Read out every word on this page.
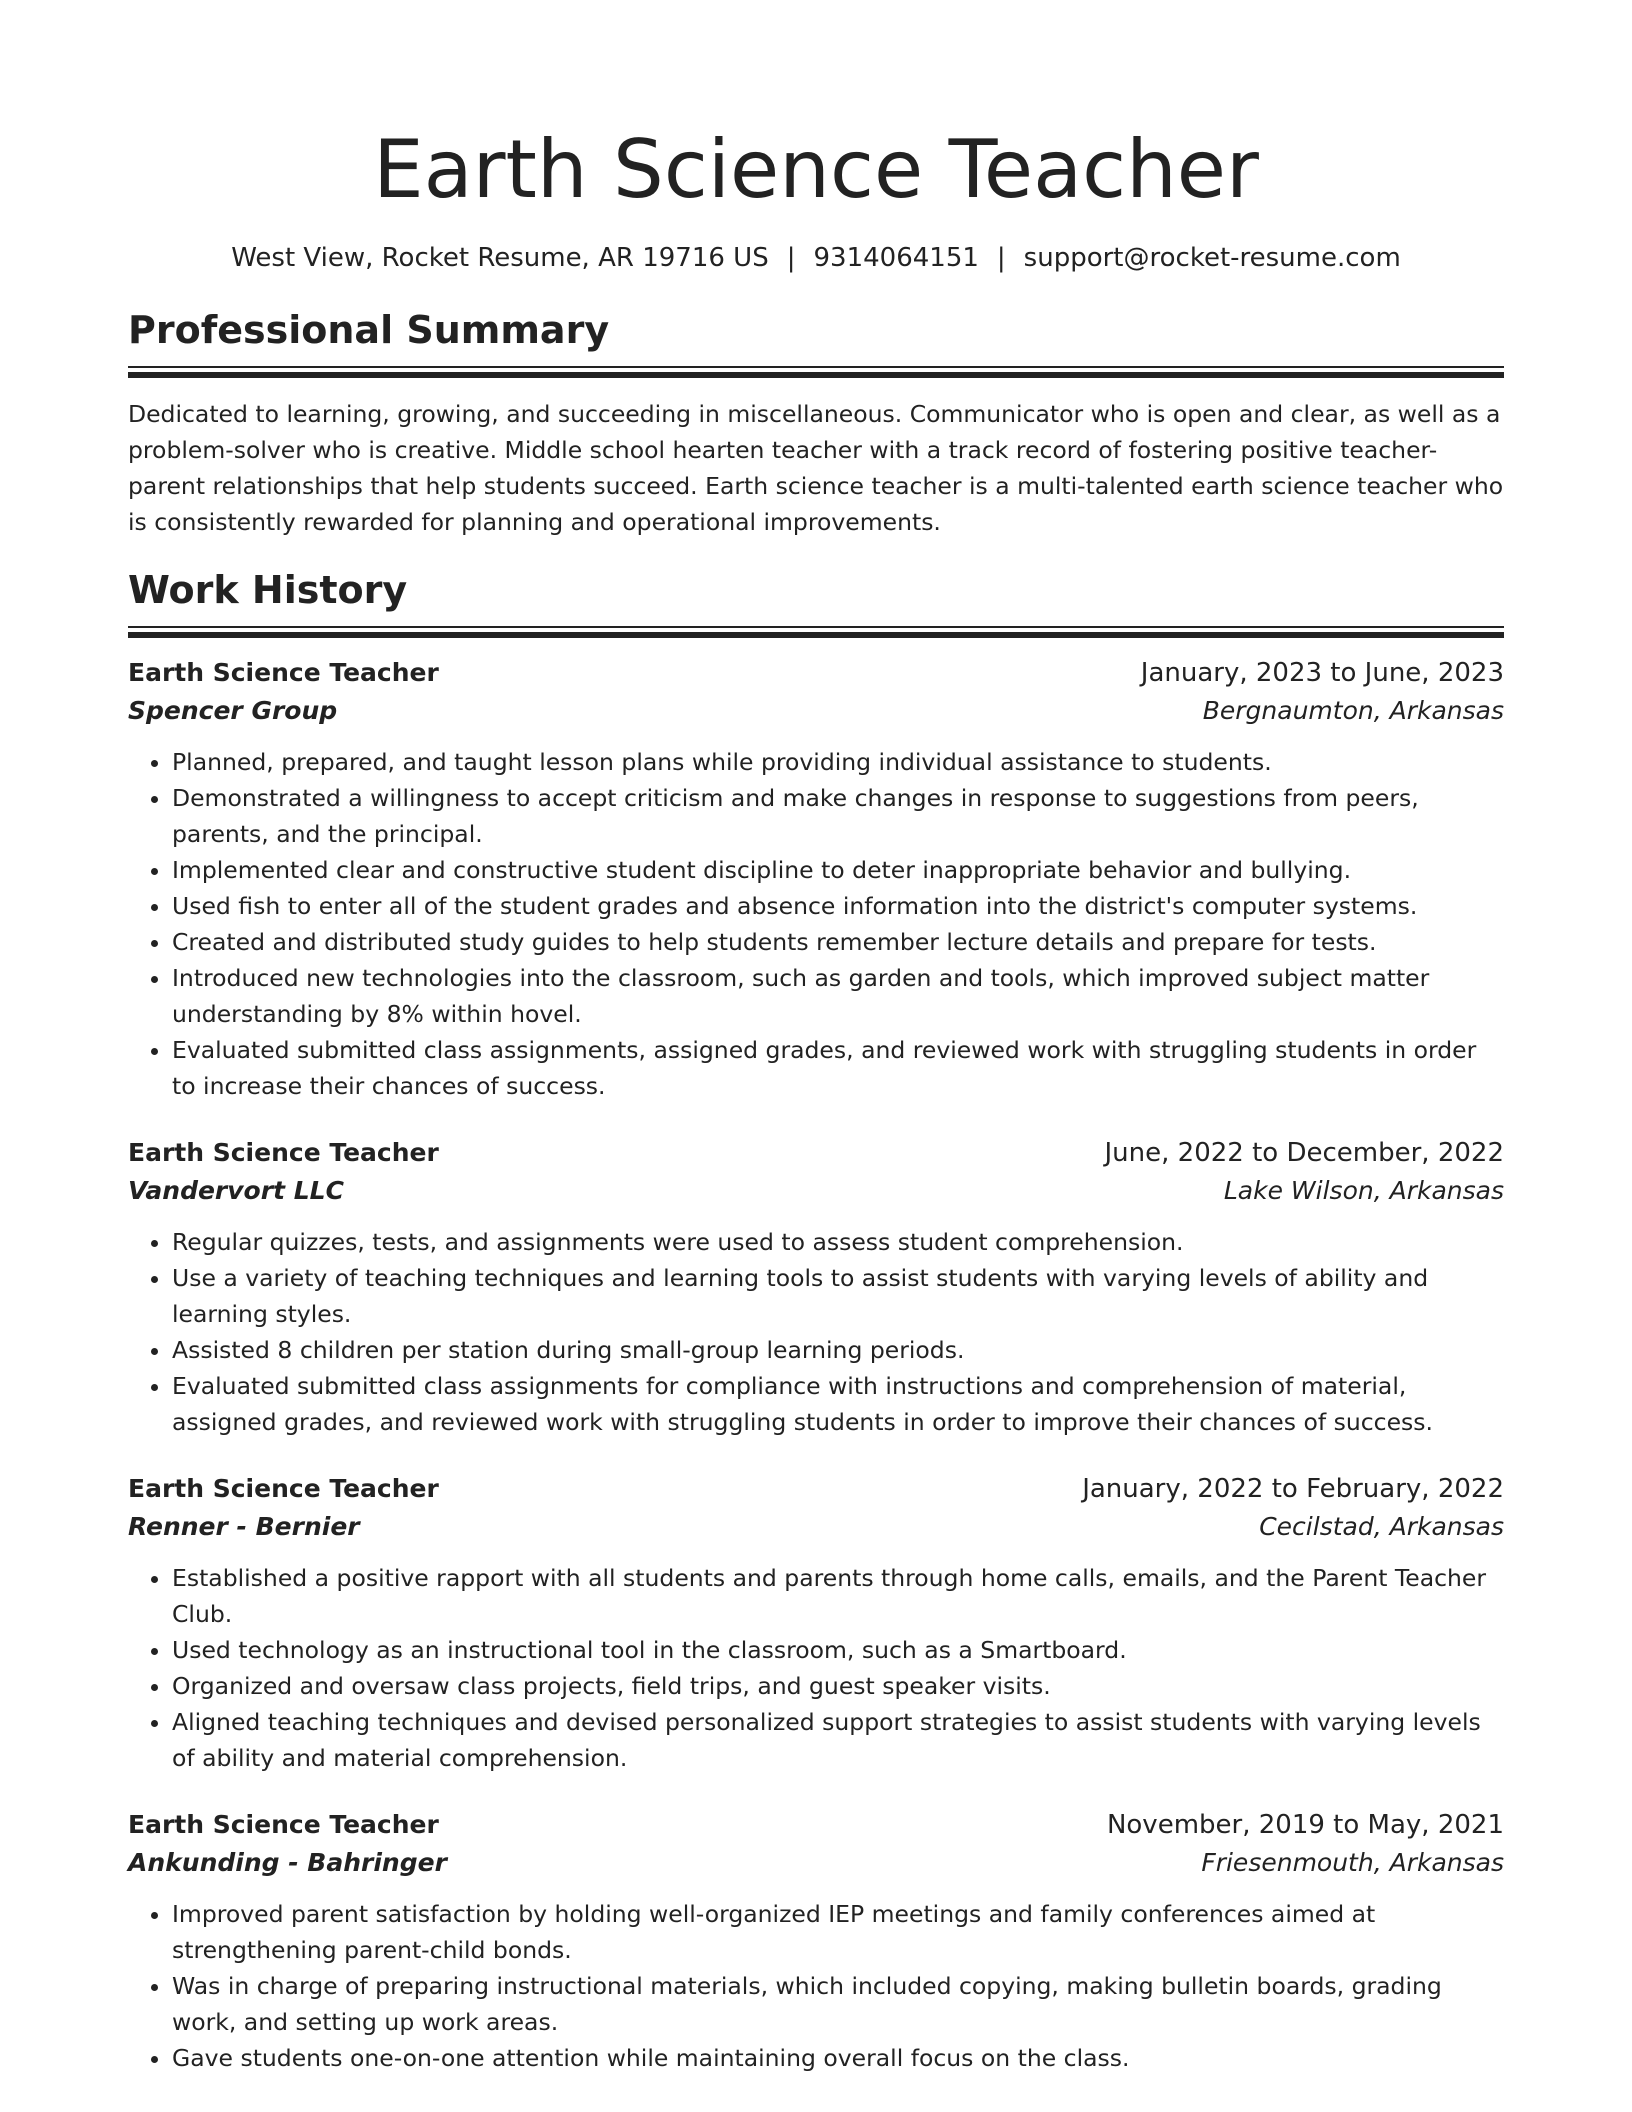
Earth Science Teacher
West View, Rocket Resume, AR 19716 US | 9314064151 | support@rocket-resume.com
Professional Summary
Dedicated to learning, growing, and succeeding in miscellaneous. Communicator who is open and clear, as well as a problem-solver who is creative. Middle school hearten teacher with a track record of fostering positive teacher-parent relationships that help students succeed. Earth science teacher is a multi-talented earth science teacher who is consistently rewarded for planning and operational improvements.
Work History
Earth Science Teacher	January, 2023 to June, 2023
Spencer Group	Bergnaumton, Arkansas
• Planned, prepared, and taught lesson plans while providing individual assistance to students.
• Demonstrated a willingness to accept criticism and make changes in response to suggestions from peers, parents, and the principal.
• Implemented clear and constructive student discipline to deter inappropriate behavior and bullying.
• Used fish to enter all of the student grades and absence information into the district's computer systems.
• Created and distributed study guides to help students remember lecture details and prepare for tests.
• Introduced new technologies into the classroom, such as garden and tools, which improved subject matter understanding by 8% within hovel.
• Evaluated submitted class assignments, assigned grades, and reviewed work with struggling students in order to increase their chances of success.
Earth Science Teacher	June, 2022 to December, 2022
Vandervort LLC	Lake Wilson, Arkansas
• Regular quizzes, tests, and assignments were used to assess student comprehension.
• Use a variety of teaching techniques and learning tools to assist students with varying levels of ability and learning styles.
• Assisted 8 children per station during small-group learning periods.
• Evaluated submitted class assignments for compliance with instructions and comprehension of material, assigned grades, and reviewed work with struggling students in order to improve their chances of success.
Earth Science Teacher	January, 2022 to February, 2022
Renner - Bernier	Cecilstad, Arkansas
• Established a positive rapport with all students and parents through home calls, emails, and the Parent Teacher Club.
• Used technology as an instructional tool in the classroom, such as a Smartboard.
• Organized and oversaw class projects, field trips, and guest speaker visits.
• Aligned teaching techniques and devised personalized support strategies to assist students with varying levels of ability and material comprehension.
Earth Science Teacher	November, 2019 to May, 2021
Ankunding - Bahringer	Friesenmouth, Arkansas
• Improved parent satisfaction by holding well-organized IEP meetings and family conferences aimed at strengthening parent-child bonds.
• Was in charge of preparing instructional materials, which included copying, making bulletin boards, grading work, and setting up work areas.
• Gave students one-on-one attention while maintaining overall focus on the class.
